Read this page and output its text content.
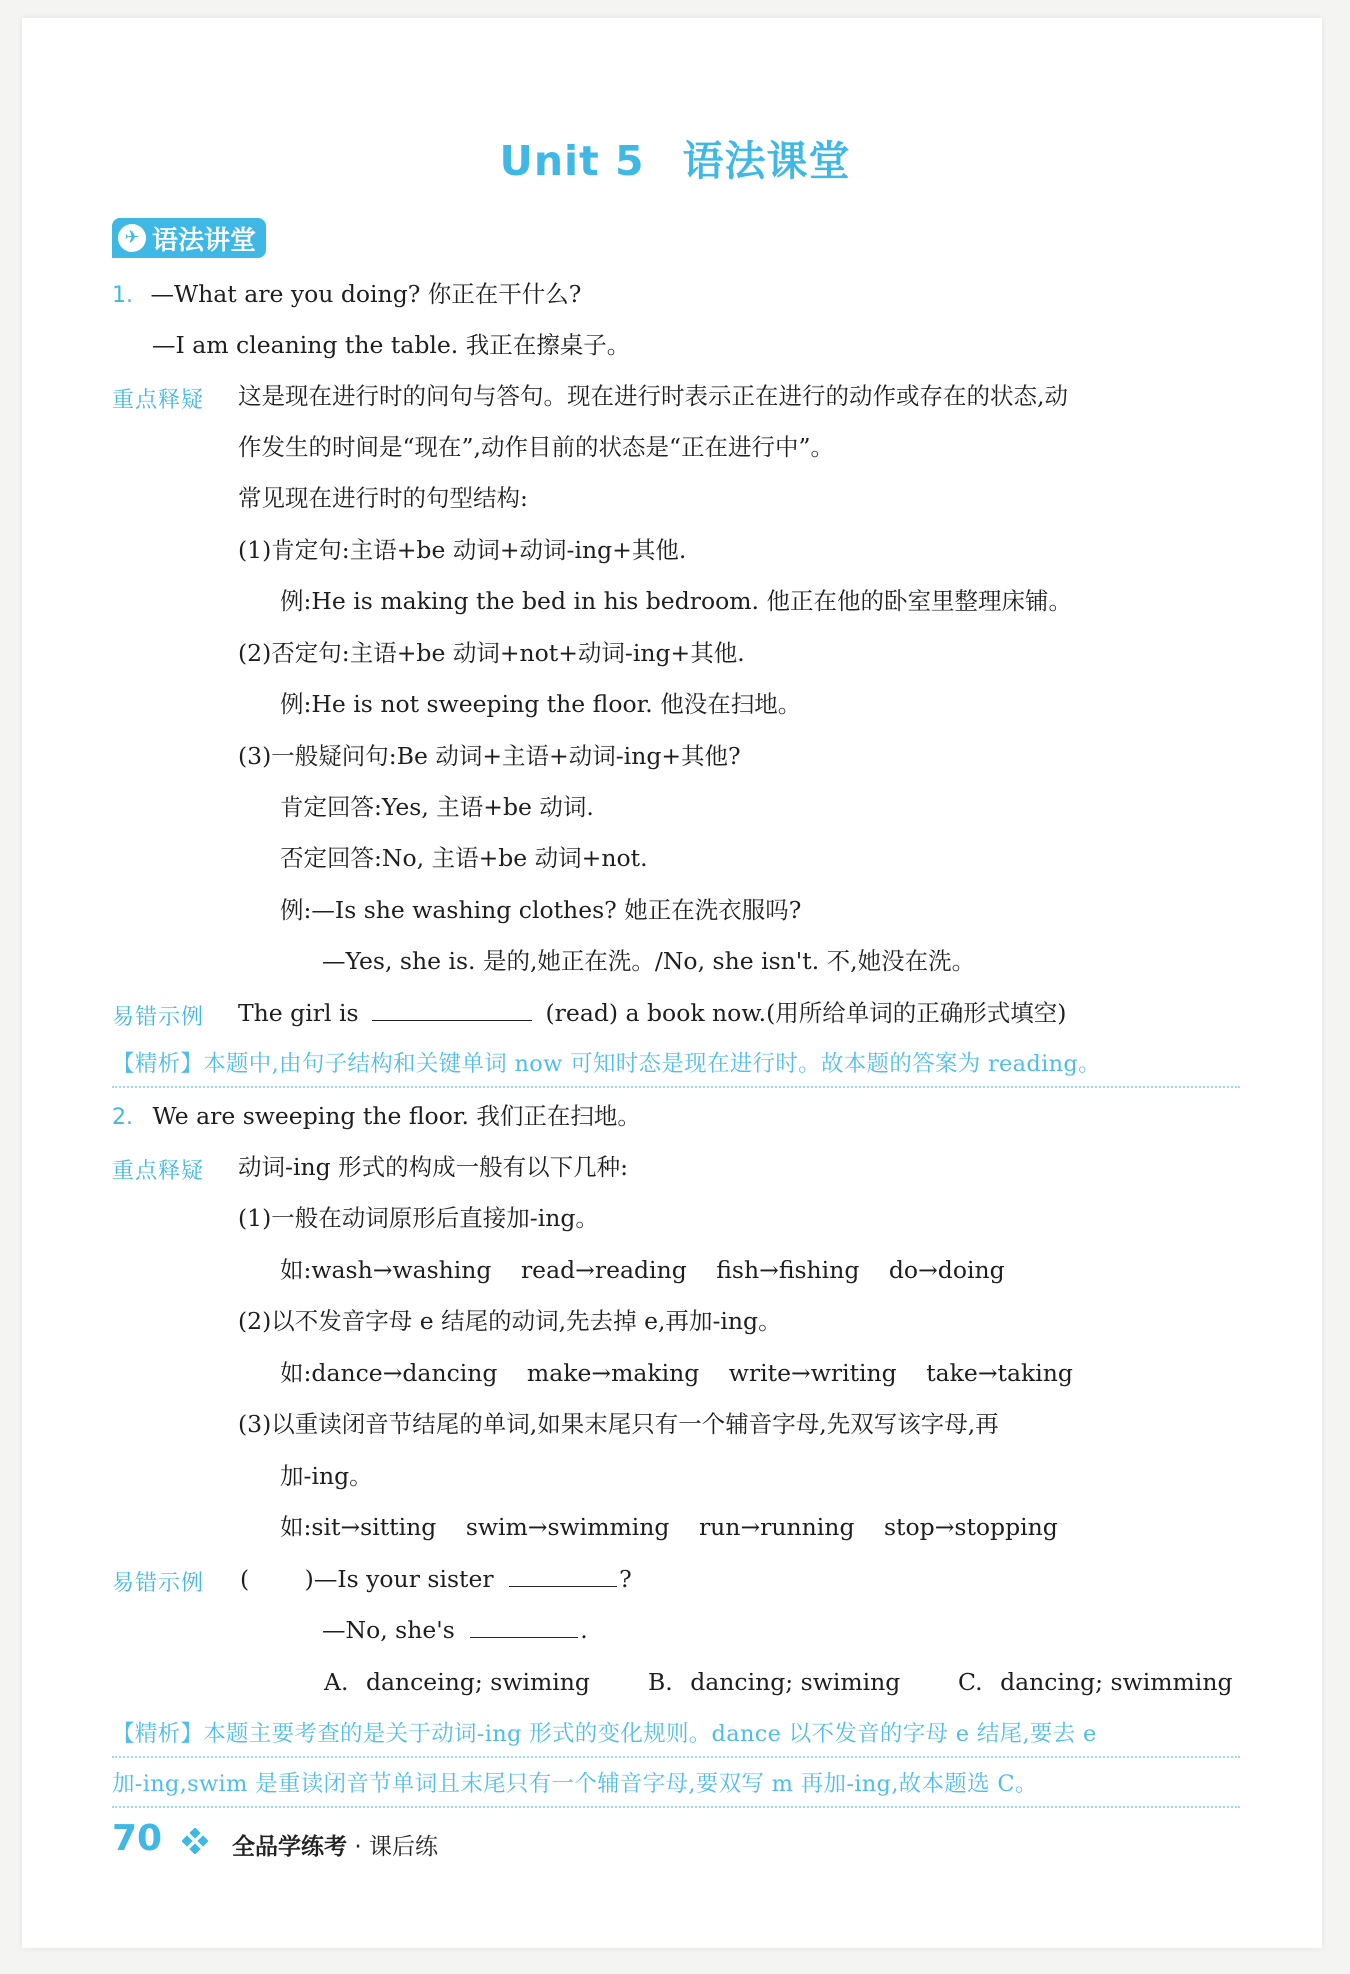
Unit 5 语法课堂
✈ 语法讲堂
1. —What are you doing? 你正在干什么?
—I am cleaning the table. 我正在擦桌子。
重点释疑 这是现在进行时的问句与答句。现在进行时表示正在进行的动作或存在的状态,动
作发生的时间是“现在”,动作目前的状态是“正在进行中”。
常见现在进行时的句型结构:
(1)肯定句:主语+be 动词+动词-ing+其他.
例:He is making the bed in his bedroom. 他正在他的卧室里整理床铺。
(2)否定句:主语+be 动词+not+动词-ing+其他.
例:He is not sweeping the floor. 他没在扫地。
(3)一般疑问句:Be 动词+主语+动词-ing+其他?
肯定回答:Yes, 主语+be 动词.
否定回答:No, 主语+be 动词+not.
例:—Is she washing clothes? 她正在洗衣服吗?
—Yes, she is. 是的,她正在洗。/No, she isn't. 不,她没在洗。
易错示例 The girl is	(read) a book now.(用所给单词的正确形式填空)
【精析】本题中,由句子结构和关键单词 now 可知时态是现在进行时。故本题的答案为 reading。
2. We are sweeping the floor. 我们正在扫地。
重点释疑 动词-ing 形式的构成一般有以下几种:
(1)一般在动词原形后直接加-ing。
如:wash→washing read→reading fish→fishing do→doing
(2)以不发音字母 e 结尾的动词,先去掉 e,再加-ing。
如:dance→dancing make→making write→writing take→taking
(3)以重读闭音节结尾的单词,如果末尾只有一个辅音字母,先双写该字母,再
加-ing。
如:sit→sitting swim→swimming run→running stop→stopping
易错示例 ( )—Is your sister	?
—No, she's	.
A. danceing; swiming B. dancing; swiming C. dancing; swimming
【精析】本题主要考查的是关于动词-ing 形式的变化规则。dance 以不发音的字母 e 结尾,要去 e
加-ing,swim 是重读闭音节单词且末尾只有一个辅音字母,要双写 m 再加-ing,故本题选 C。
70	全品学练考 · 课后练
